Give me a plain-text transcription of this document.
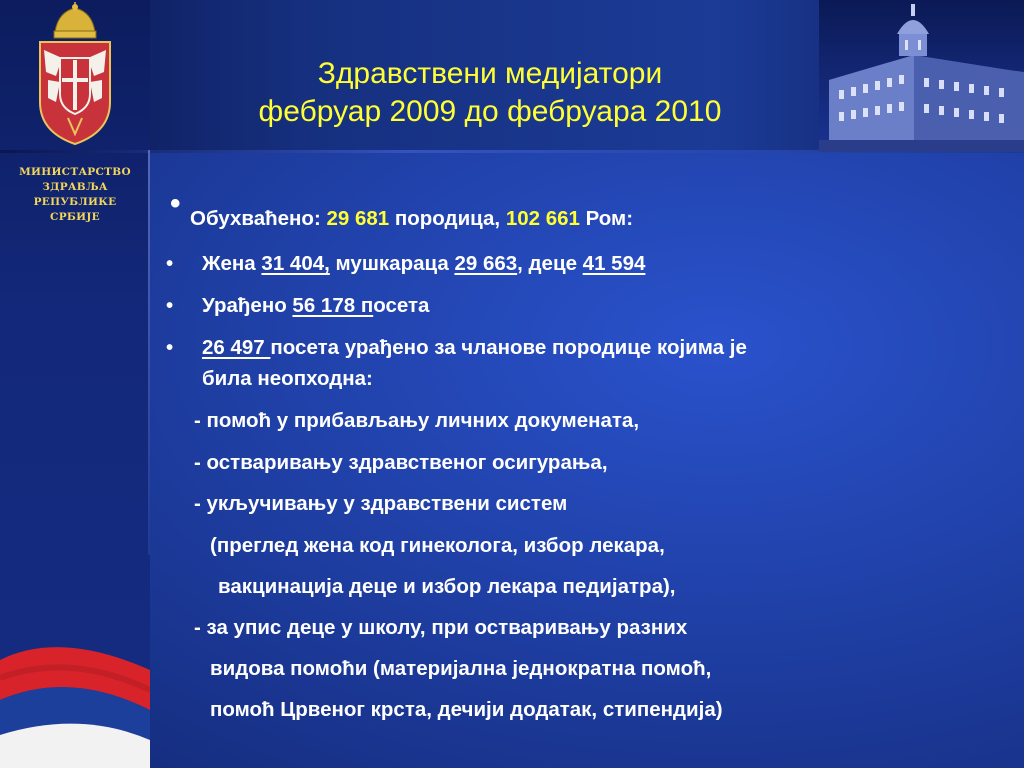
МИНИСТАРСТВО
ЗДРАВЉА
РЕПУБЛИКЕ
СРБИЈЕ
Здравствени медијатори
фебруар 2009 до фебруара 2010
• Обухваћено: 29 681 породица, 102 661 Ром:
• Жена 31 404, мушкараца 29 663, деце 41 594
• Урађено 56 178 посета
• 26 497 посета урађено за чланове породице којима је
била неопходна:
- помоћ у прибављању личних докумената,
- остваривању здравственог осигурања,
- укључивању у здравствени систем
(преглед жена код гинеколога, избор лекара,
вакцинација деце и избор лекара педијатра),
- за упис деце у школу, при остваривању разних
видова помоћи (материјална једнократна помоћ,
помоћ Црвеног крста, дечији додатак, стипендија)
